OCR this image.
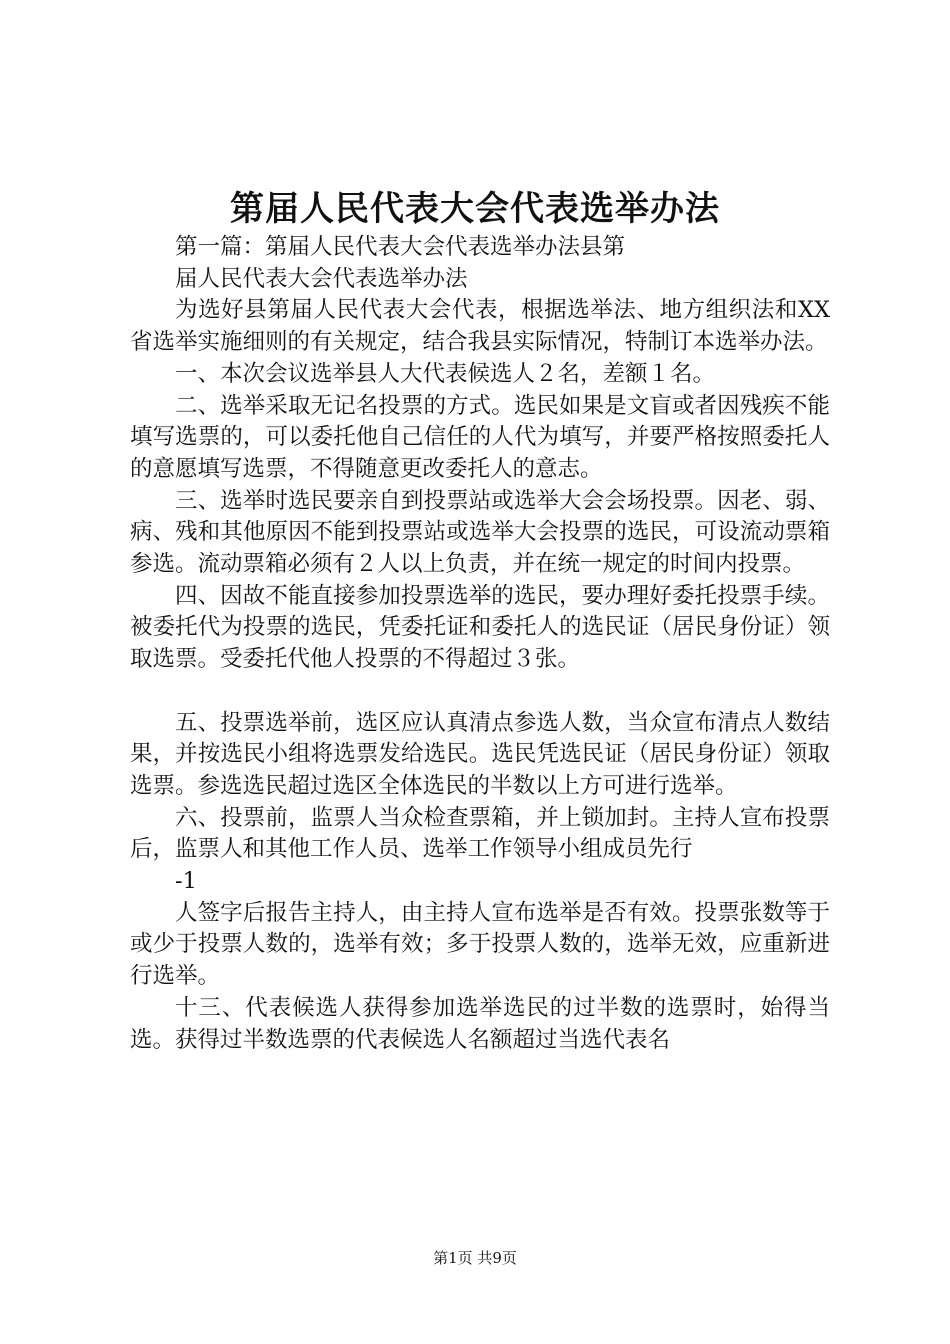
第届人民代表大会代表选举办法

第一篇：第届人民代表大会代表选举办法县第

届人民代表大会代表选举办法

为选好县第届人民代表大会代表，根据选举法、地方组织法和XX省选举实施细则的有关规定，结合我县实际情况，特制订本选举办法。

一、本次会议选举县人大代表候选人２名，差额１名。

二、选举采取无记名投票的方式。选民如果是文盲或者因残疾不能填写选票的，可以委托他自己信任的人代为填写，并要严格按照委托人的意愿填写选票，不得随意更改委托人的意志。

三、选举时选民要亲自到投票站或选举大会会场投票。因老、弱、病、残和其他原因不能到投票站或选举大会投票的选民，可设流动票箱参选。流动票箱必须有２人以上负责，并在统一规定的时间内投票。

四、因故不能直接参加投票选举的选民，要办理好委托投票手续。被委托代为投票的选民，凭委托证和委托人的选民证（居民身份证）领取选票。受委托代他人投票的不得超过３张。

五、投票选举前，选区应认真清点参选人数，当众宣布清点人数结果，并按选民小组将选票发给选民。选民凭选民证（居民身份证）领取选票。参选选民超过选区全体选民的半数以上方可进行选举。

六、投票前，监票人当众检查票箱，并上锁加封。主持人宣布投票后，监票人和其他工作人员、选举工作领导小组成员先行

-1

人签字后报告主持人，由主持人宣布选举是否有效。投票张数等于或少于投票人数的，选举有效；多于投票人数的，选举无效，应重新进行选举。

十三、代表候选人获得参加选举选民的过半数的选票时，始得当选。获得过半数选票的代表候选人名额超过当选代表名

第1页 共9页
